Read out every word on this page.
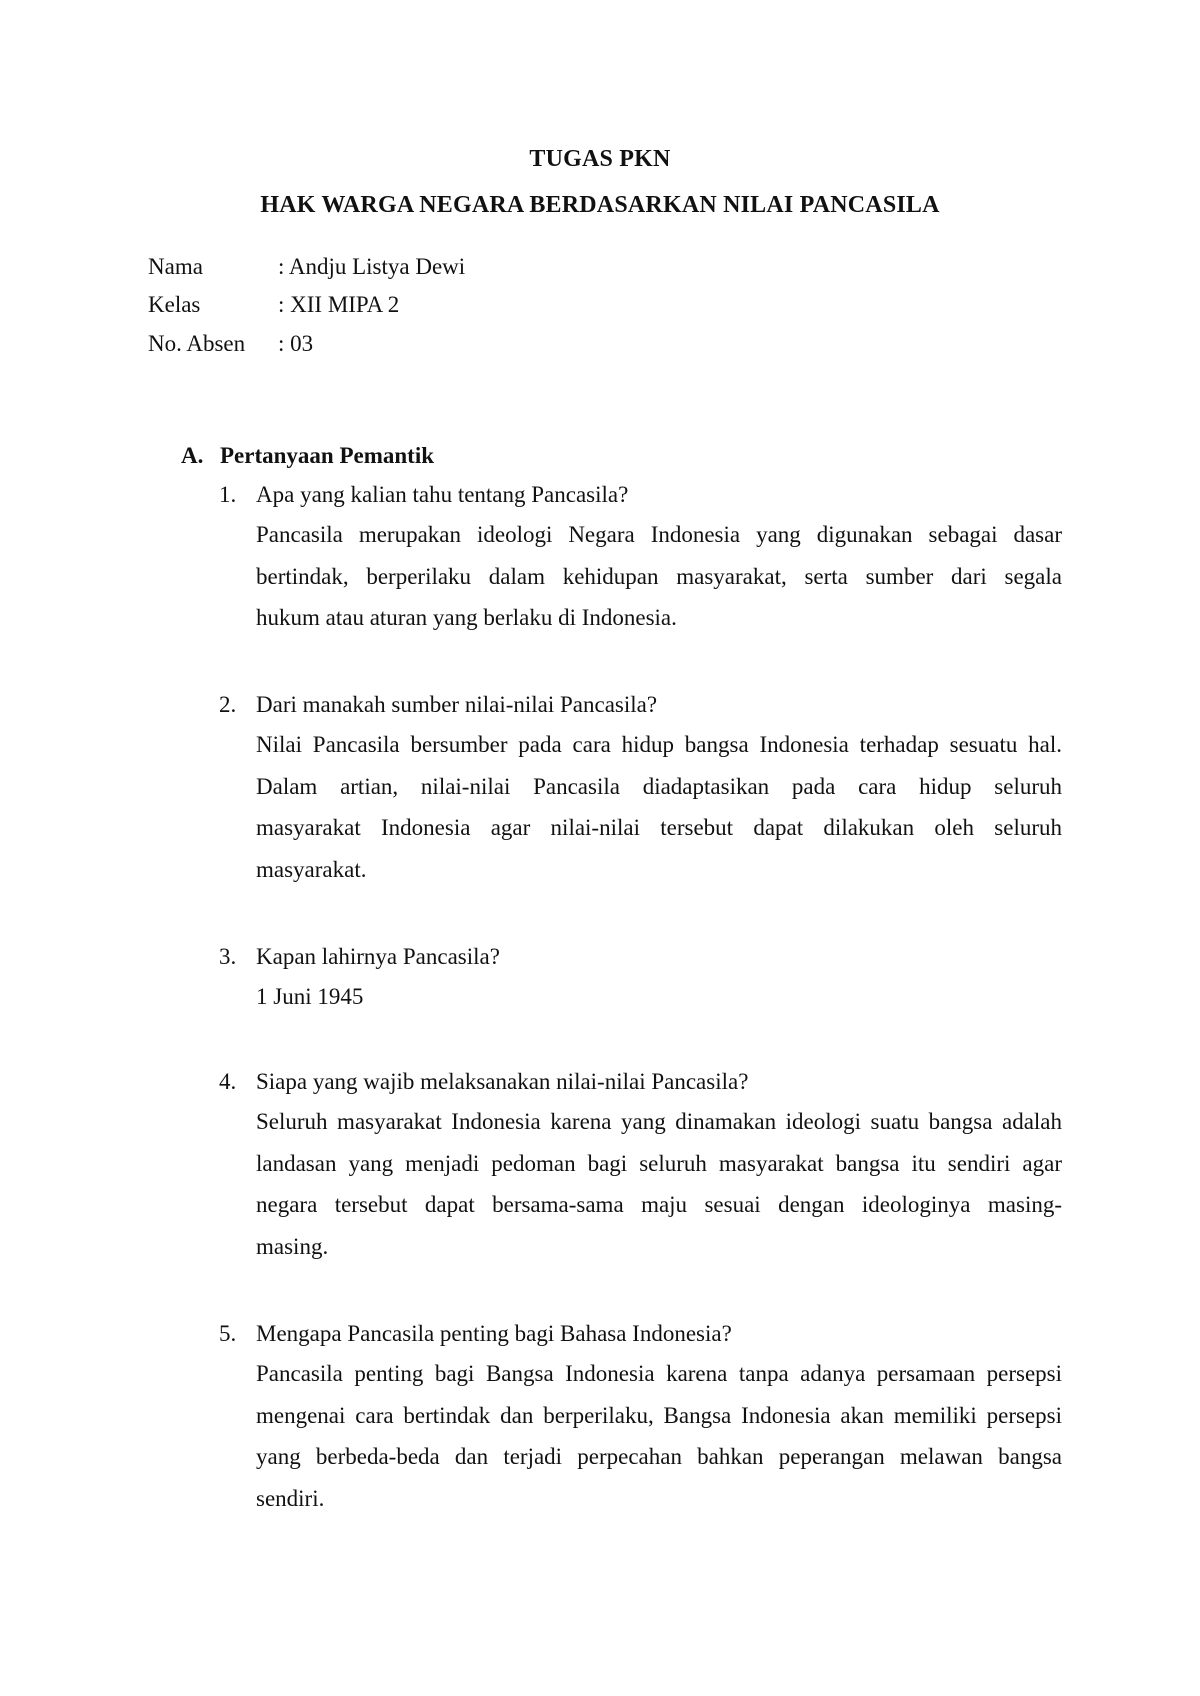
TUGAS PKN
HAK WARGA NEGARA BERDASARKAN NILAI PANCASILA
Nama	: Andju Listya Dewi
Kelas	: XII MIPA 2
No. Absen : 03
A. Pertanyaan Pemantik
1. Apa yang kalian tahu tentang Pancasila?
Pancasila merupakan ideologi Negara Indonesia yang digunakan sebagai dasar
bertindak, berperilaku dalam kehidupan masyarakat, serta sumber dari segala
hukum atau aturan yang berlaku di Indonesia.
2. Dari manakah sumber nilai-nilai Pancasila?
Nilai Pancasila bersumber pada cara hidup bangsa Indonesia terhadap sesuatu hal.
Dalam artian, nilai-nilai Pancasila diadaptasikan pada cara hidup seluruh
masyarakat Indonesia agar nilai-nilai tersebut dapat dilakukan oleh seluruh
masyarakat.
3. Kapan lahirnya Pancasila?
1 Juni 1945
4. Siapa yang wajib melaksanakan nilai-nilai Pancasila?
Seluruh masyarakat Indonesia karena yang dinamakan ideologi suatu bangsa adalah
landasan yang menjadi pedoman bagi seluruh masyarakat bangsa itu sendiri agar
negara tersebut dapat bersama-sama maju sesuai dengan ideologinya masing-
masing.
5. Mengapa Pancasila penting bagi Bahasa Indonesia?
Pancasila penting bagi Bangsa Indonesia karena tanpa adanya persamaan persepsi
mengenai cara bertindak dan berperilaku, Bangsa Indonesia akan memiliki persepsi
yang berbeda-beda dan terjadi perpecahan bahkan peperangan melawan bangsa
sendiri.
